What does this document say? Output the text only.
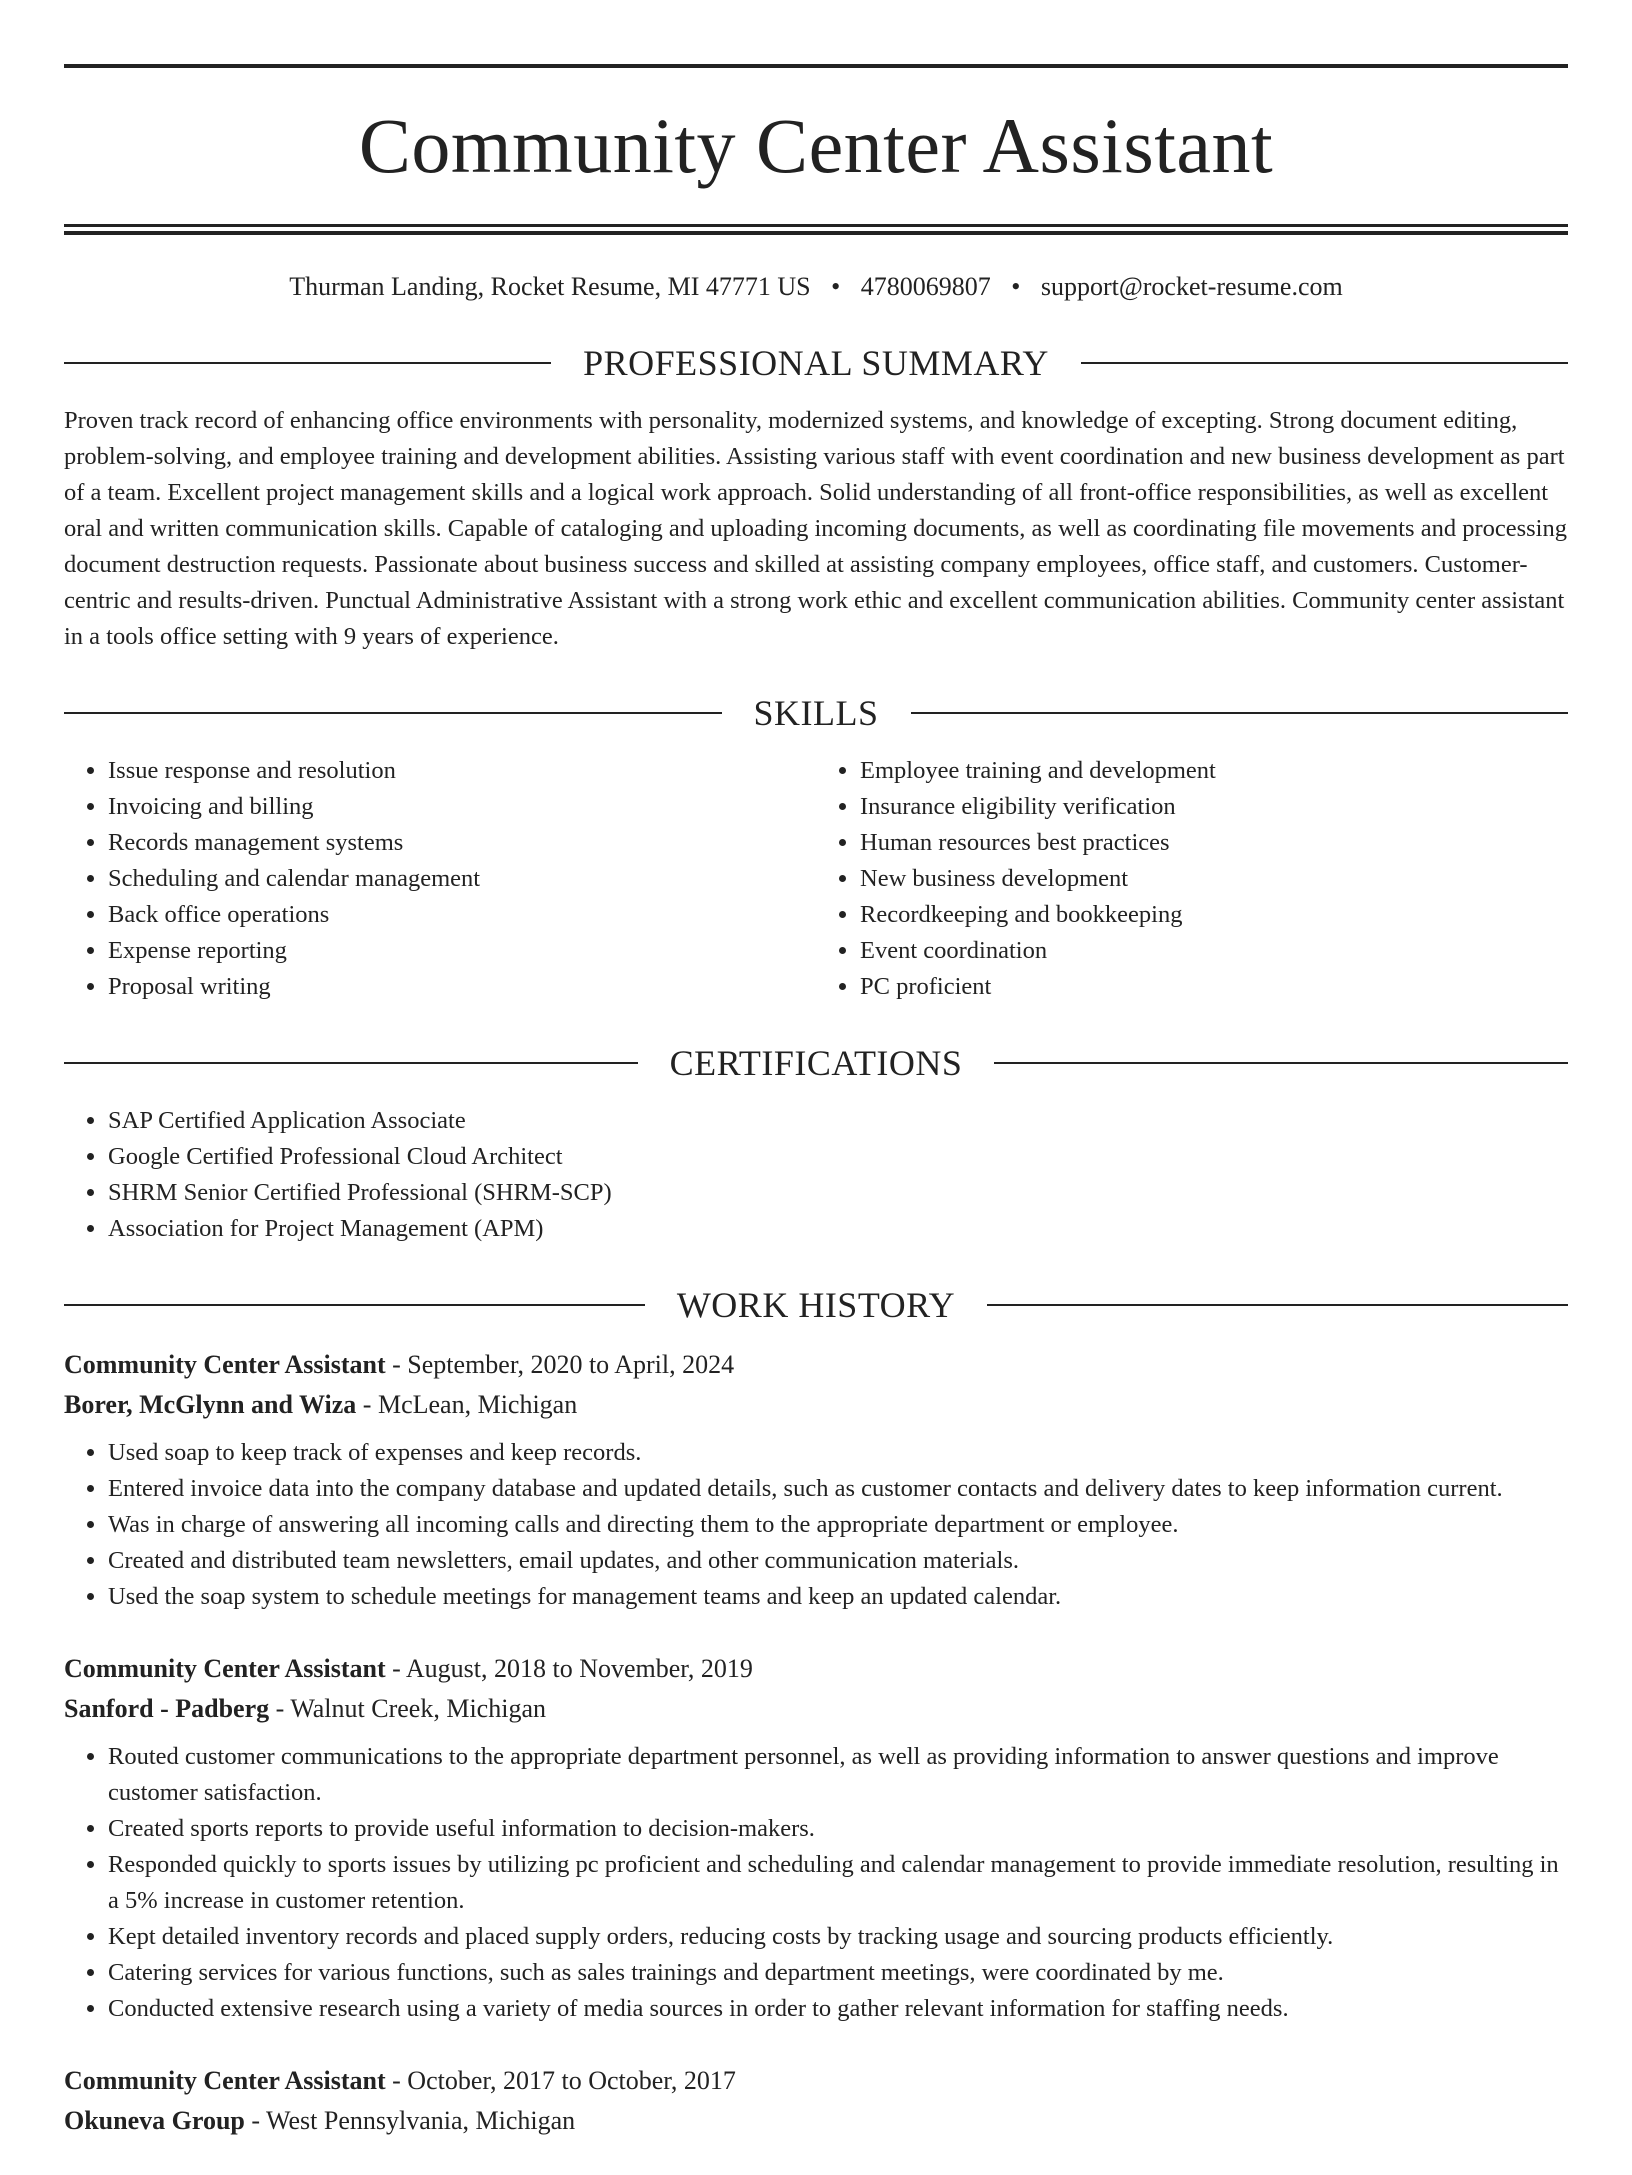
Community Center Assistant
Thurman Landing, Rocket Resume, MI 47771 US • 4780069807 • support@rocket-resume.com
PROFESSIONAL SUMMARY

Proven track record of enhancing office environments with personality, modernized systems, and knowledge of excepting. Strong document editing, problem-solving, and employee training and development abilities. Assisting various staff with event coordination and new business development as part of a team. Excellent project management skills and a logical work approach. Solid understanding of all front-office responsibilities, as well as excellent oral and written communication skills. Capable of cataloging and uploading incoming documents, as well as coordinating file movements and processing document destruction requests. Passionate about business success and skilled at assisting company employees, office staff, and customers. Customer-centric and results-driven. Punctual Administrative Assistant with a strong work ethic and excellent communication abilities. Community center assistant in a tools office setting with 9 years of experience.

SKILLS
• Issue response and resolution
• Invoicing and billing
• Records management systems
• Scheduling and calendar management
• Back office operations
• Expense reporting
• Proposal writing
• Employee training and development
• Insurance eligibility verification
• Human resources best practices
• New business development
• Recordkeeping and bookkeeping
• Event coordination
• PC proficient
CERTIFICATIONS
• SAP Certified Application Associate
• Google Certified Professional Cloud Architect
• SHRM Senior Certified Professional (SHRM-SCP)
• Association for Project Management (APM)
WORK HISTORY
Community Center Assistant - September, 2020 to April, 2024
Borer, McGlynn and Wiza - McLean, Michigan
• Used soap to keep track of expenses and keep records.
• Entered invoice data into the company database and updated details, such as customer contacts and delivery dates to keep information current.
• Was in charge of answering all incoming calls and directing them to the appropriate department or employee.
• Created and distributed team newsletters, email updates, and other communication materials.
• Used the soap system to schedule meetings for management teams and keep an updated calendar.
Community Center Assistant - August, 2018 to November, 2019
Sanford - Padberg - Walnut Creek, Michigan
• Routed customer communications to the appropriate department personnel, as well as providing information to answer questions and improve customer satisfaction.
• Created sports reports to provide useful information to decision-makers.
• Responded quickly to sports issues by utilizing pc proficient and scheduling and calendar management to provide immediate resolution, resulting in a 5% increase in customer retention.
• Kept detailed inventory records and placed supply orders, reducing costs by tracking usage and sourcing products efficiently.
• Catering services for various functions, such as sales trainings and department meetings, were coordinated by me.
• Conducted extensive research using a variety of media sources in order to gather relevant information for staffing needs.
Community Center Assistant - October, 2017 to October, 2017
Okuneva Group - West Pennsylvania, Michigan
